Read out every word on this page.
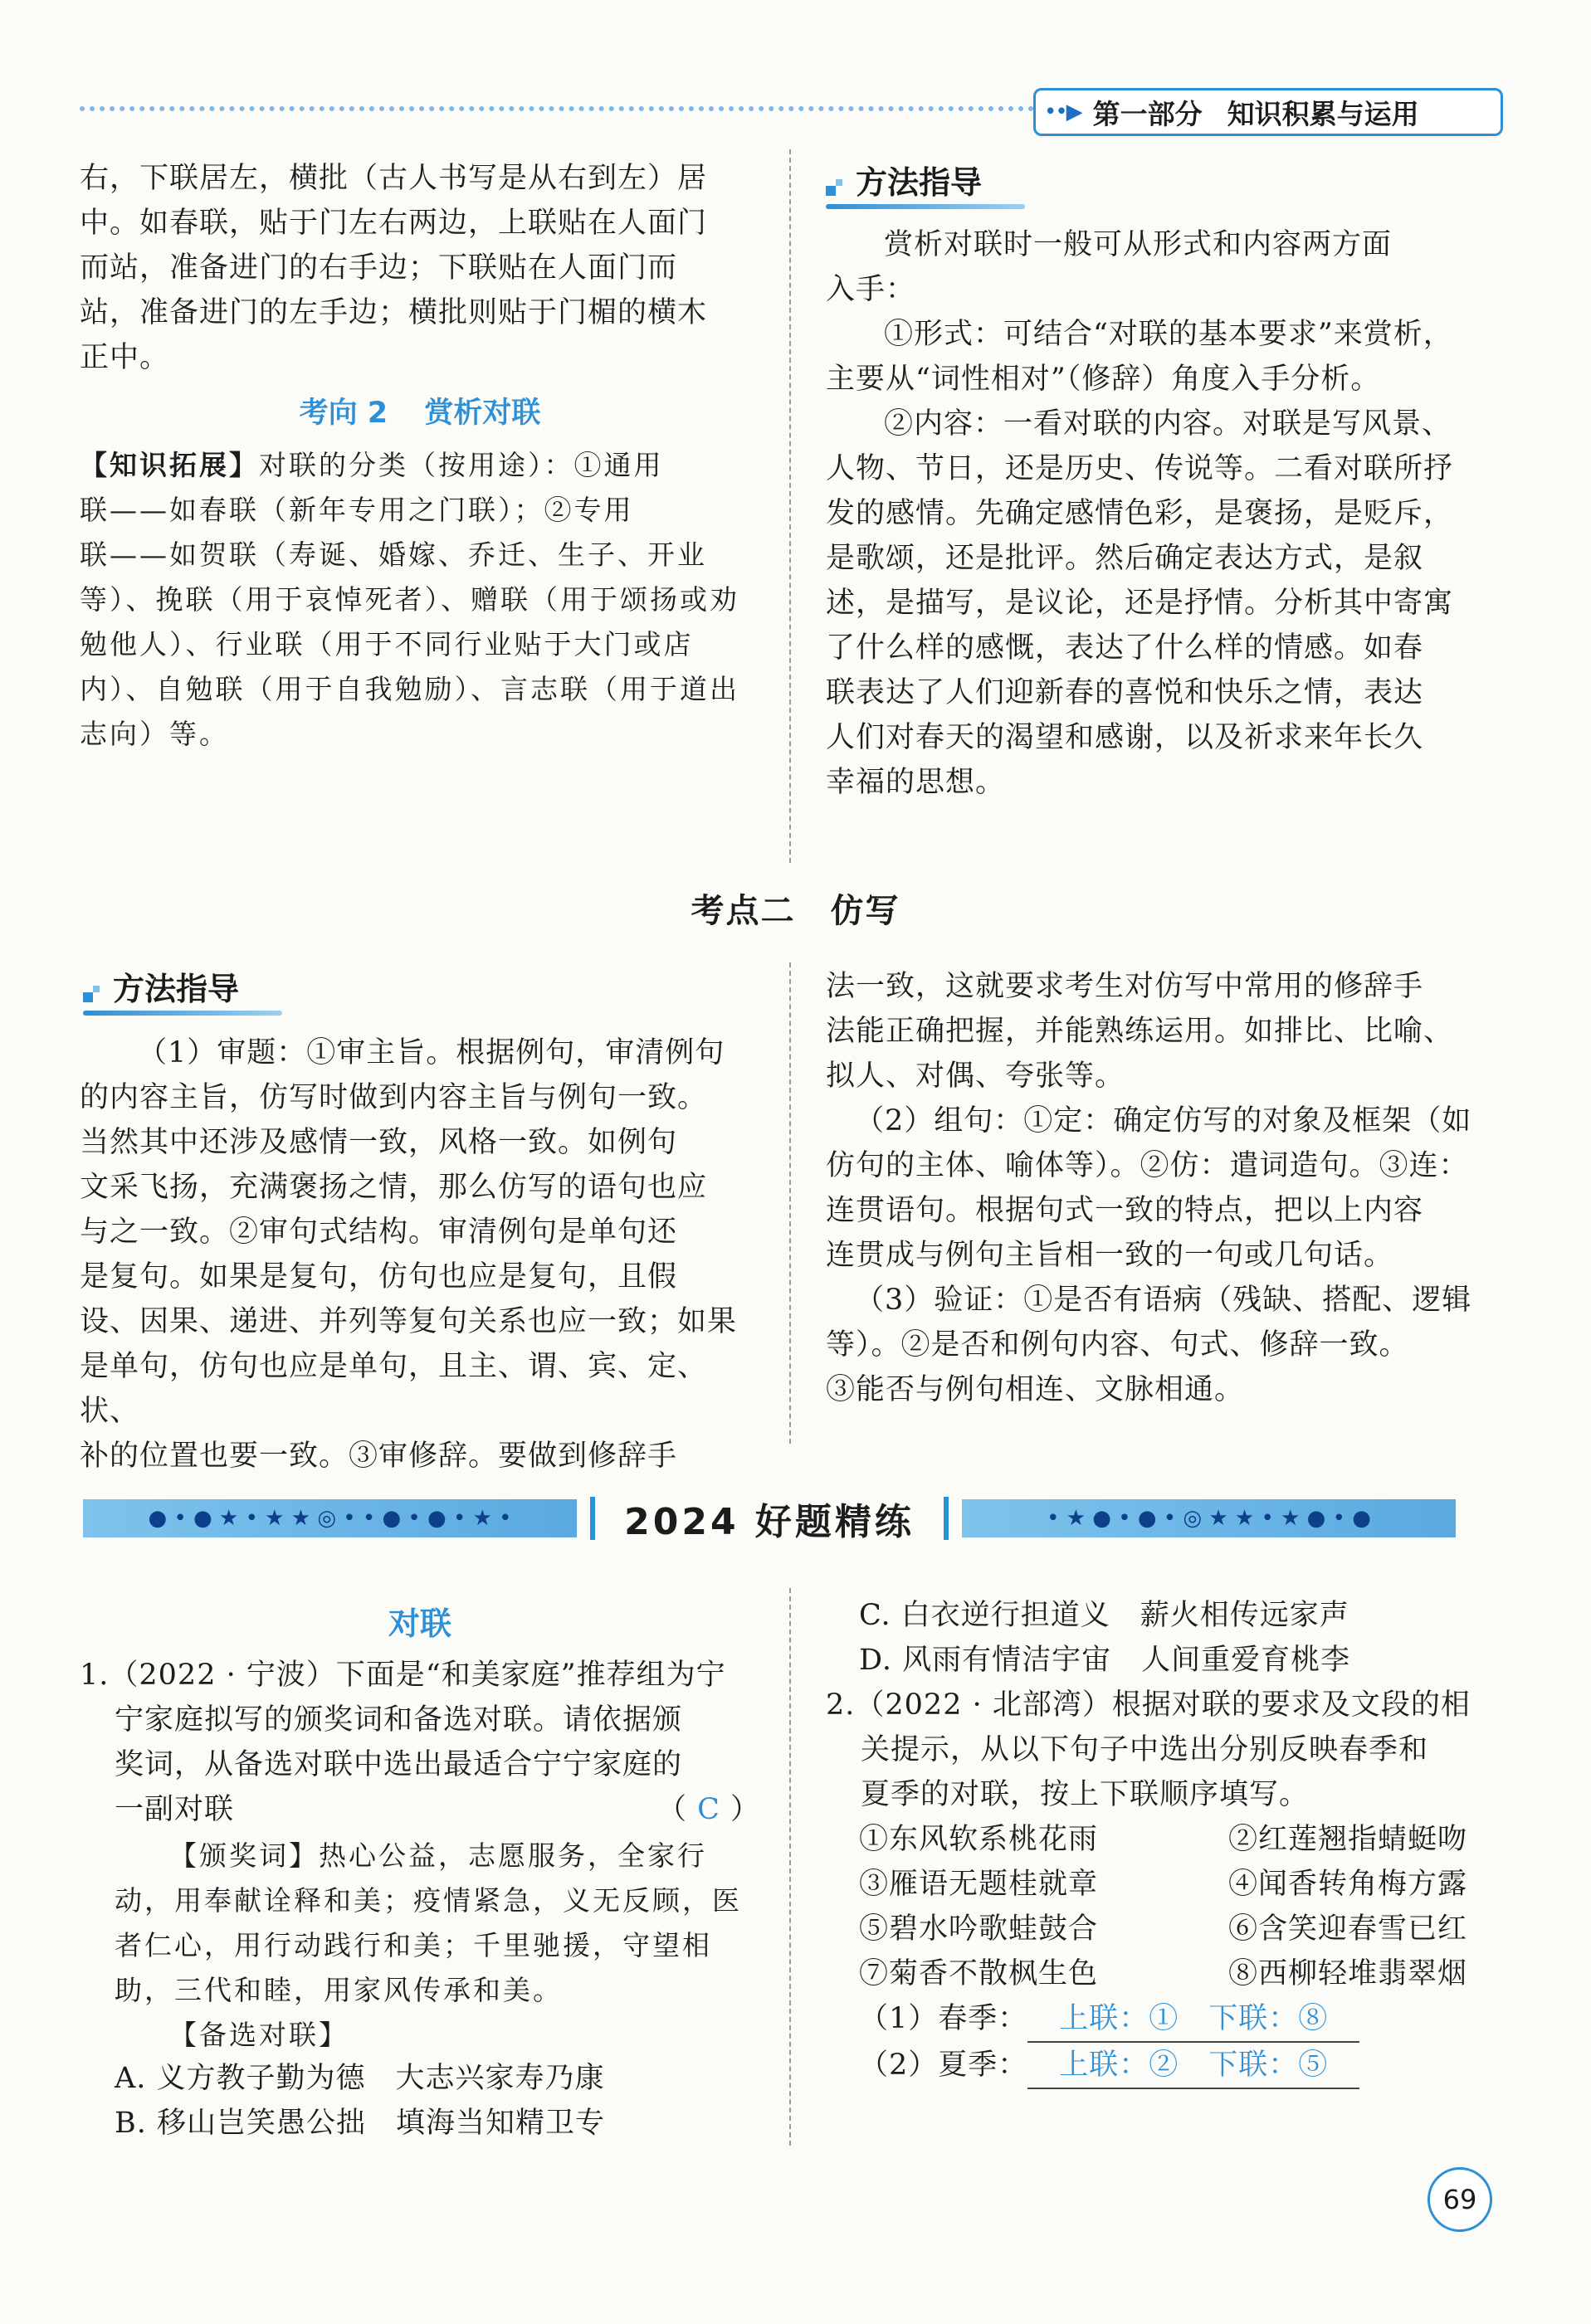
••▶ 第一部分 知识积累与运用

右，下联居左，横批（古人书写是从右到左）居

中。如春联，贴于门左右两边，上联贴在人面门

而站，准备进门的右手边；下联贴在人面门而

站，准备进门的左手边；横批则贴于门楣的横木

正中。

考向 2 赏析对联
【知识拓展】对联的分类（按用途）：①通用
联——如春联（新年专用之门联）；②专用
联——如贺联（寿诞、婚嫁、乔迁、生子、开业
等）、挽联（用于哀悼死者）、赠联（用于颂扬或劝
勉他人）、行业联（用于不同行业贴于大门或店
内）、自勉联（用于自我勉励）、言志联（用于道出
志向）等。
方法指导

赏析对联时一般可从形式和内容两方面

入手：

①形式：可结合“对联的基本要求”来赏析，

主要从“词性相对”（修辞）角度入手分析。

②内容：一看对联的内容。对联是写风景、

人物、节日，还是历史、传说等。二看对联所抒

发的感情。先确定感情色彩，是褒扬，是贬斥，

是歌颂，还是批评。然后确定表达方式，是叙

述，是描写，是议论，还是抒情。分析其中寄寓

了什么样的感慨，表达了什么样的情感。如春

联表达了人们迎新春的喜悦和快乐之情，表达

人们对春天的渴望和感谢，以及祈求来年长久

幸福的思想。

考点二　仿写
方法指导

（1）审题：①审主旨。根据例句，审清例句

的内容主旨，仿写时做到内容主旨与例句一致。

当然其中还涉及感情一致，风格一致。如例句

文采飞扬，充满褒扬之情，那么仿写的语句也应

与之一致。②审句式结构。审清例句是单句还

是复句。如果是复句，仿句也应是复句，且假

设、因果、递进、并列等复句关系也应一致；如果

是单句，仿句也应是单句，且主、谓、宾、定、状、

补的位置也要一致。③审修辞。要做到修辞手

法一致，这就要求考生对仿写中常用的修辞手

法能正确把握，并能熟练运用。如排比、比喻、

拟人、对偶、夸张等。

（2）组句：①定：确定仿写的对象及框架（如

仿句的主体、喻体等）。②仿：遣词造句。③连：

连贯语句。根据句式一致的特点，把以上内容

连贯成与例句主旨相一致的一句或几句话。

（3）验证：①是否有语病（残缺、搭配、逻辑

等）。②是否和例句内容、句式、修辞一致。

③能否与例句相连、文脉相通。

● • ● ★ • ★ ★ ◎ • • ● • ● • ★ •	2024 好题精练	• ★ ● • ● • ◎ ★ ★ • ★ ● • ●
对联

1.（2022 · 宁波）下面是“和美家庭”推荐组为宁

宁家庭拟写的颁奖词和备选对联。请依据颁

奖词，从备选对联中选出最适合宁宁家庭的

一副对联	（ C ）

【颁奖词】热心公益，志愿服务，全家行
动，用奉献诠释和美；疫情紧急，义无反顾，医
者仁心，用行动践行和美；千里驰援，守望相
助，三代和睦，用家风传承和美。
【备选对联】

A. 义方教子勤为德　大志兴家寿乃康

B. 移山岂笑愚公拙　填海当知精卫专

C. 白衣逆行担道义　薪火相传远家声

D. 风雨有情洁宇宙　人间重爱育桃李

2.（2022 · 北部湾）根据对联的要求及文段的相

关提示，从以下句子中选出分别反映春季和

夏季的对联，按上下联顺序填写。

①东风软系桃花雨	②红莲翘指蜻蜓吻
③雁语无题桂就章	④闻香转角梅方露
⑤碧水吟歌蛙鼓合	⑥含笑迎春雪已红
⑦菊香不散枫生色	⑧西柳轻堆翡翠烟

（1）春季： 上联：①　下联：⑧

（2）夏季： 上联：②　下联：⑤

69
